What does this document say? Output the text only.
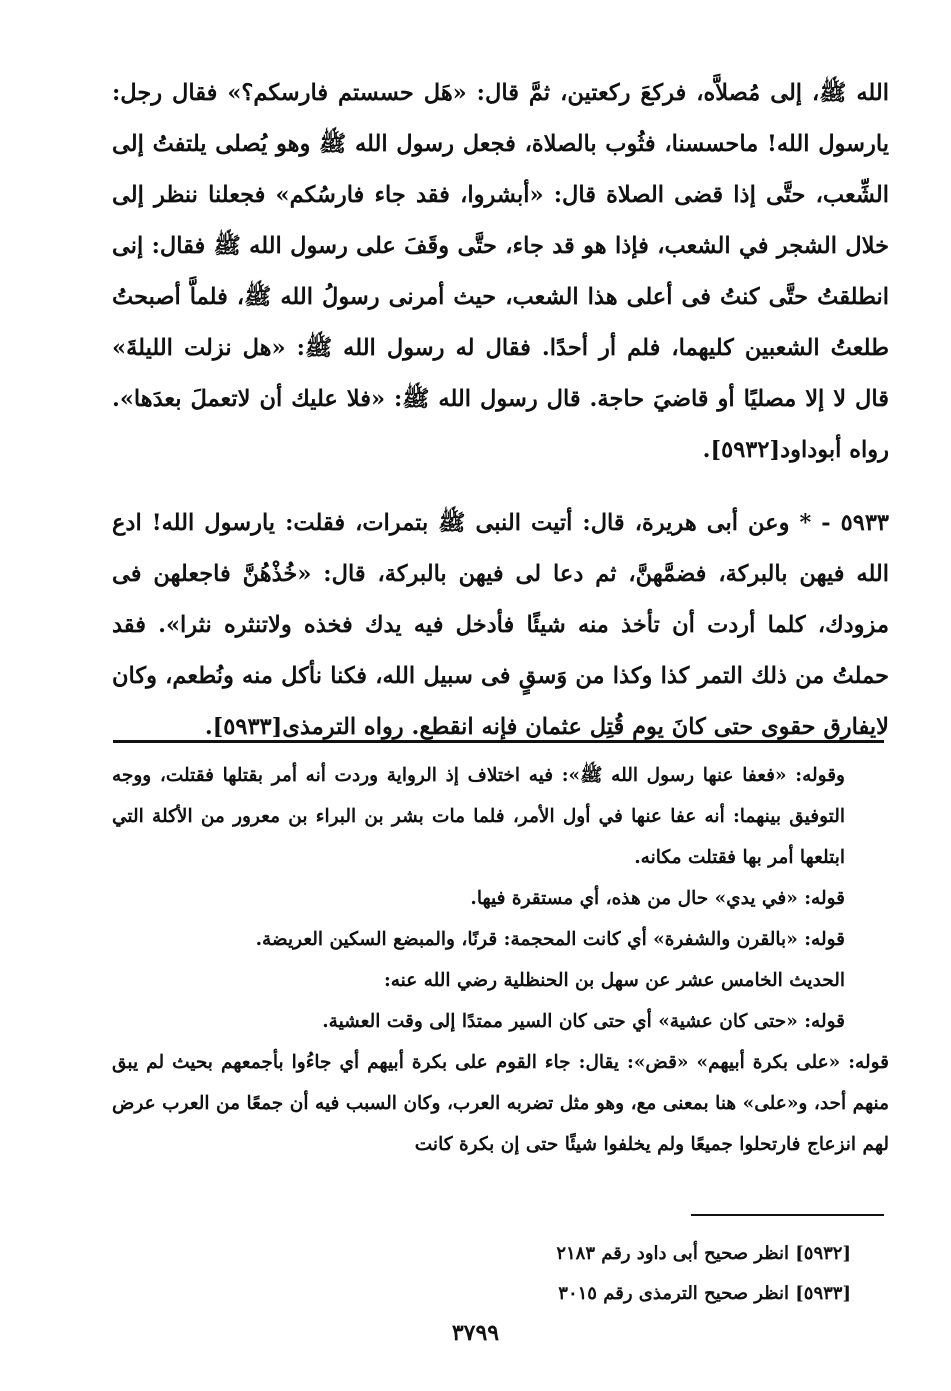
الله ﷺ، إلى مُصلاَّه، فركعَ ركعتين، ثمَّ قال: «هَل حسستم فارسكم؟» فقال رجل: يارسول الله! ماحسسنا، فثُوب بالصلاة، فجعل رسول الله ﷺ وهو يُصلى يلتفتُ إلى الشِّعب، حتَّى إذا قضى الصلاة قال: «أبشروا، فقد جاء فارسُكم» فجعلنا ننظر إلى خلال الشجر في الشعب، فإذا هو قد جاء، حتَّى وقَفَ على رسول الله ﷺ فقال: إنى انطلقتُ حتَّى كنتُ فى أعلى هذا الشعب، حيث أمرنى رسولُ الله ﷺ، فلماَّ أصبحتُ طلعتُ الشعبين كليهما، فلم أر أحدًا. فقال له رسول الله ﷺ: «هل نزلت الليلةَ» قال لا إلا مصليًا أو قاضيَ حاجة. قال رسول الله ﷺ: «فلا عليك أن لاتعملَ بعدَها». رواه أبوداود[٥٩٣٢].

٥٩٣٣ - * وعن أبى هريرة، قال: أتيت النبى ﷺ بتمرات، فقلت: يارسول الله! ادع الله فيهن بالبركة، فضمَّهنَّ، ثم دعا لى فيهن بالبركة، قال: «خُذْهُنَّ فاجعلهن فى مزودك، كلما أردت أن تأخذ منه شيئًا فأدخل فيه يدك فخذه ولاتنثره نثرا». فقد حملتُ من ذلك التمر كذا وكذا من وَسقٍ فى سبيل الله، فكنا نأكل منه ونُطعم، وكان لايفارق حقوى حتى كانَ يوم قُتِل عثمان فإنه انقطع. رواه الترمذى[٥٩٣٣].

وقوله: «فعفا عنها رسول الله ﷺ»: فيه اختلاف إذ الرواية وردت أنه أمر بقتلها فقتلت، ووجه التوفيق بينهما: أنه عفا عنها في أول الأمر، فلما مات بشر بن البراء بن معرور من الأكلة التي ابتلعها أمر بها فقتلت مكانه.

قوله: «في يدي» حال من هذه، أي مستقرة فيها.

قوله: «بالقرن والشفرة» أي كانت المحجمة: قرنًا، والمبضع السكين العريضة.

الحديث الخامس عشر عن سهل بن الحنظلية رضي الله عنه:

قوله: «حتى كان عشية» أي حتى كان السير ممتدًا إلى وقت العشية.

قوله: «على بكرة أبيهم» «قض»: يقال: جاء القوم على بكرة أبيهم أي جاءُوا بأجمعهم بحيث لم يبق منهم أحد، و«على» هنا بمعنى مع، وهو مثل تضربه العرب، وكان السبب فيه أن جمعًا من العرب عرض لهم انزعاج فارتحلوا جميعًا ولم يخلفوا شيئًا حتى إن بكرة كانت

[٥٩٣٢] انظر صحيح أبى داود رقم ٢١٨٣
[٥٩٣٣] انظر صحيح الترمذى رقم ٣٠١٥
٣٧٩٩
